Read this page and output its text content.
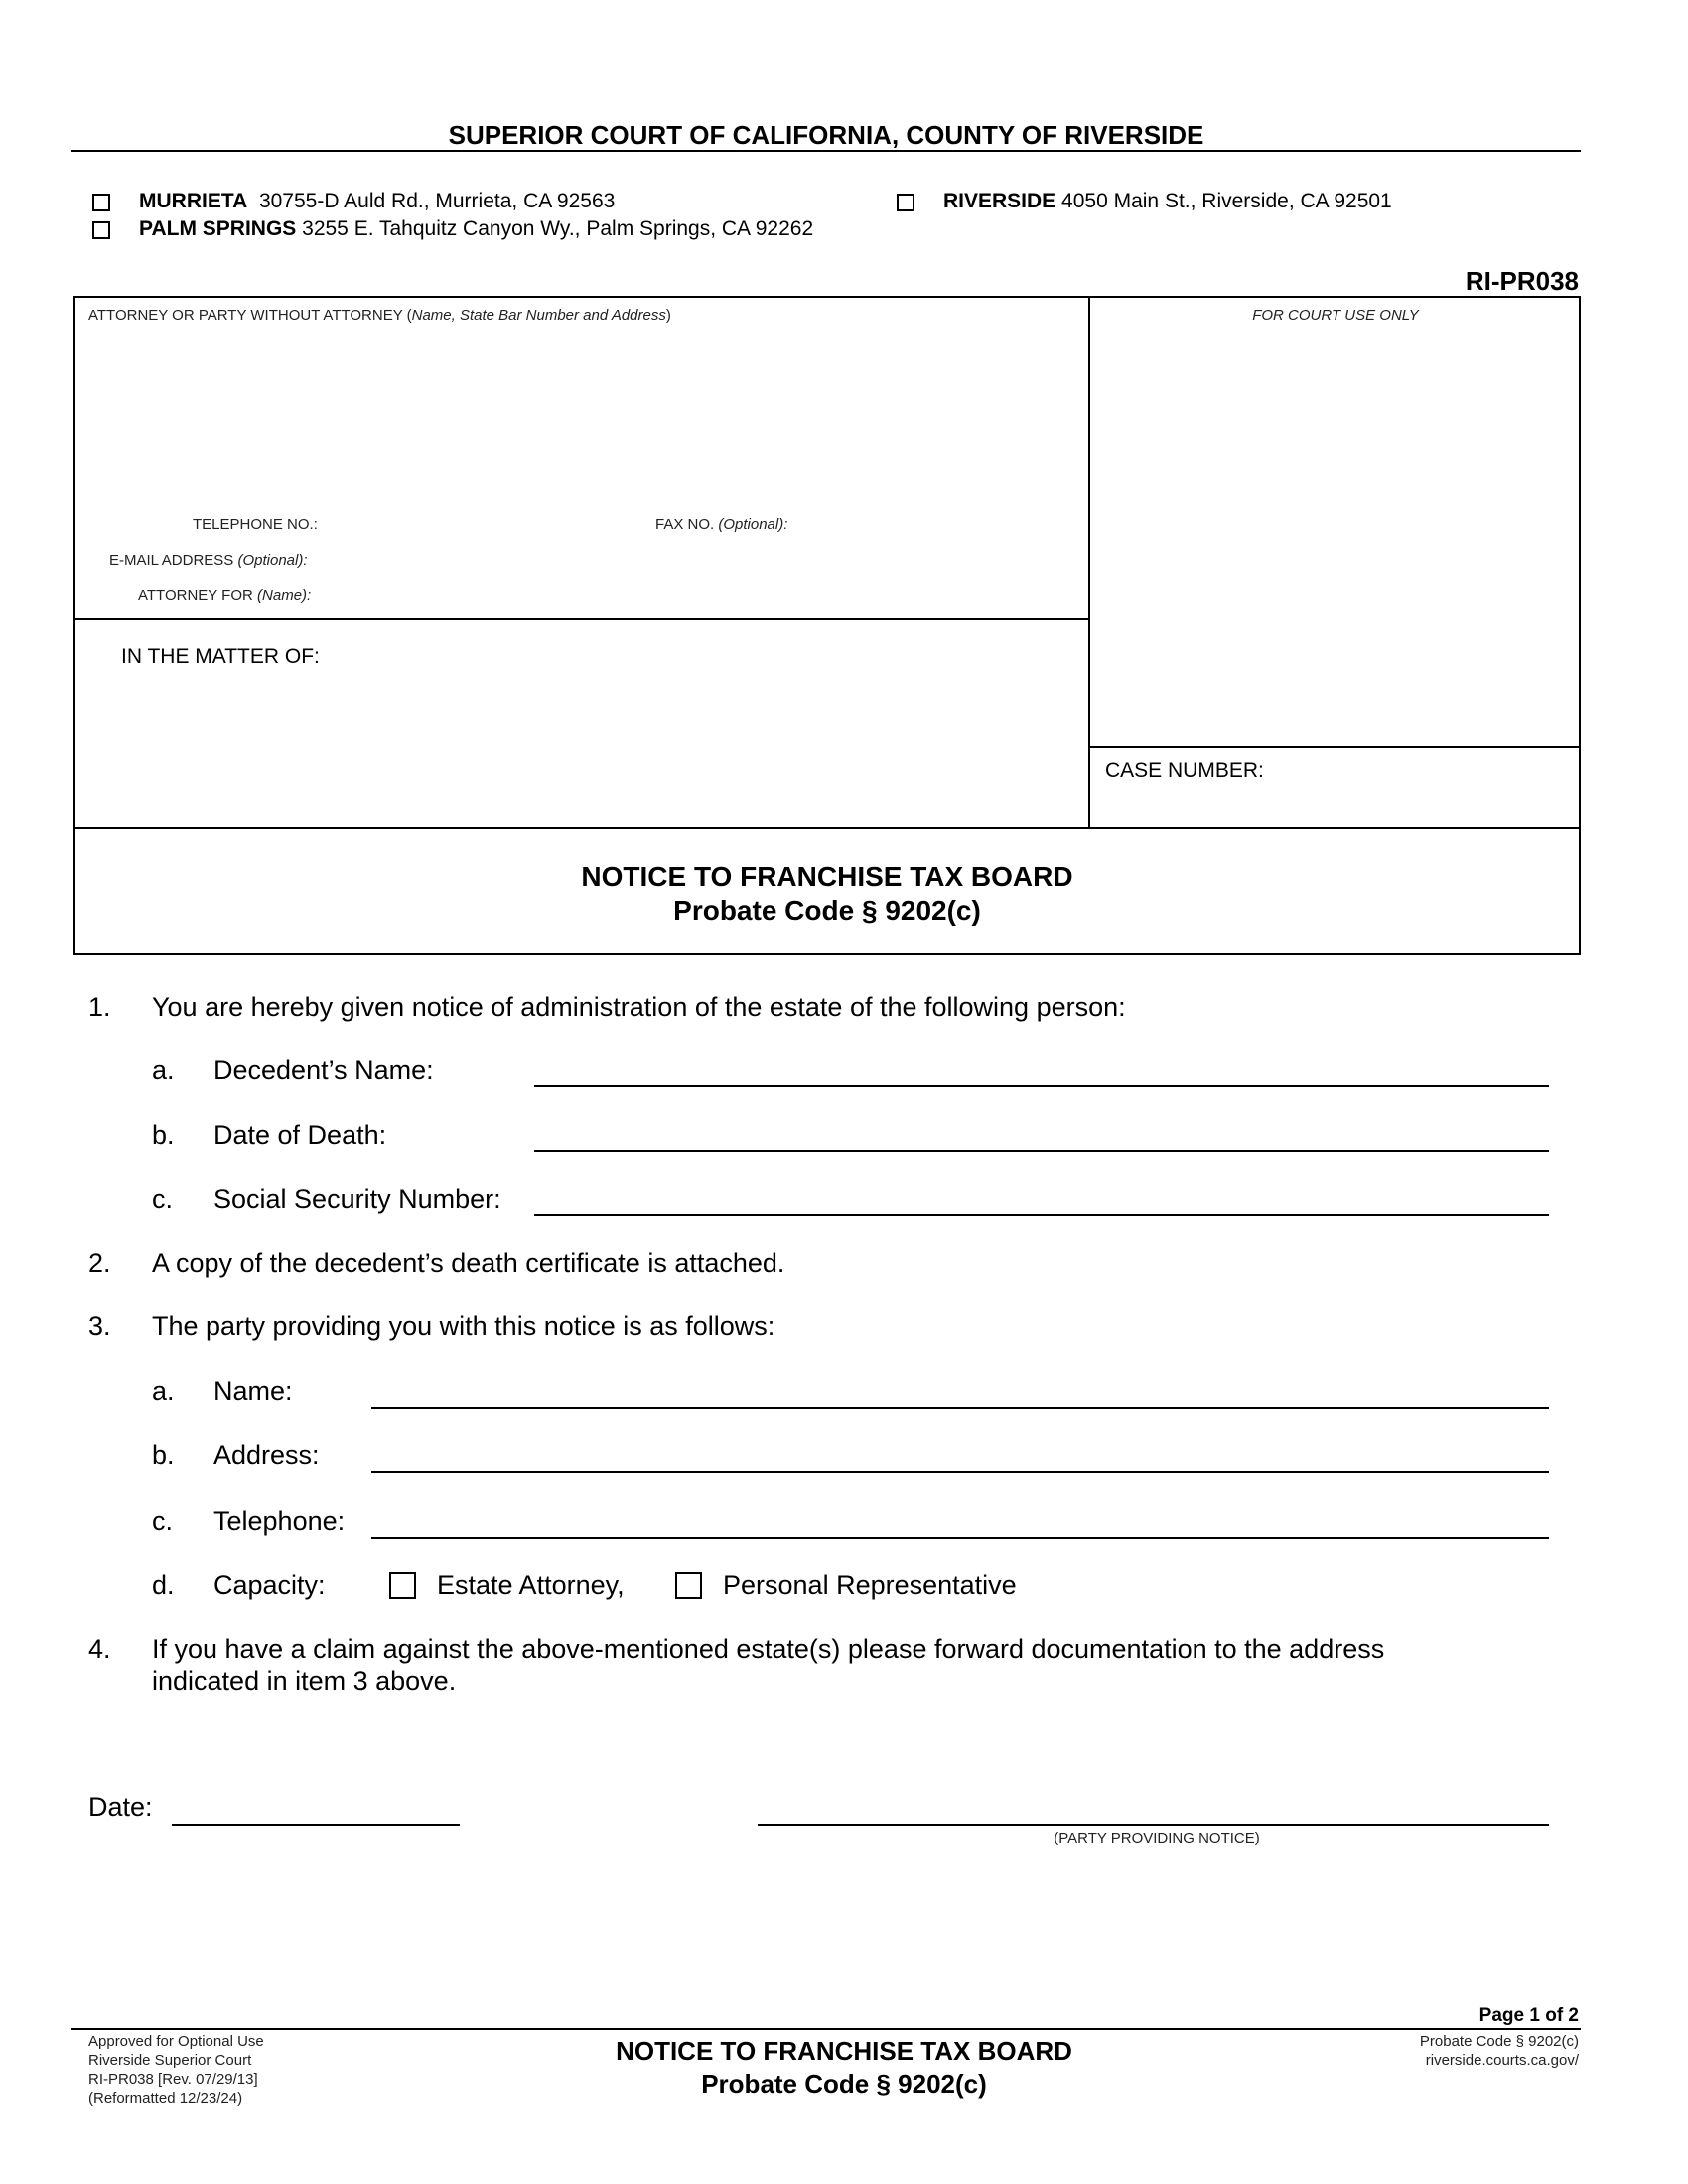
SUPERIOR COURT OF CALIFORNIA, COUNTY OF RIVERSIDE
MURRIETA 30755-D Auld Rd., Murrieta, CA 92563
PALM SPRINGS 3255 E. Tahquitz Canyon Wy., Palm Springs, CA 92262
RIVERSIDE 4050 Main St., Riverside, CA 92501
RI-PR038
ATTORNEY OR PARTY WITHOUT ATTORNEY (Name, State Bar Number and Address)	FOR COURT USE ONLY
TELEPHONE NO.:	FAX NO. (Optional):
E-MAIL ADDRESS (Optional):
ATTORNEY FOR (Name):
IN THE MATTER OF:
CASE NUMBER:
NOTICE TO FRANCHISE TAX BOARD
Probate Code § 9202(c)
1. You are hereby given notice of administration of the estate of the following person:
a. Decedent’s Name:
b. Date of Death:
c. Social Security Number:
2. A copy of the decedent’s death certificate is attached.
3. The party providing you with this notice is as follows:
a. Name:
b. Address:
c. Telephone:
d. Capacity:	Estate Attorney,	Personal Representative
4. If you have a claim against the above-mentioned estate(s) please forward documentation to the address
indicated in item 3 above.
Date:
(PARTY PROVIDING NOTICE)
Page 1 of 2
Approved for Optional Use
Riverside Superior Court
RI-PR038 [Rev. 07/29/13]
(Reformatted 12/23/24)
NOTICE TO FRANCHISE TAX BOARD
Probate Code § 9202(c)
Probate Code § 9202(c)
riverside.courts.ca.gov/
